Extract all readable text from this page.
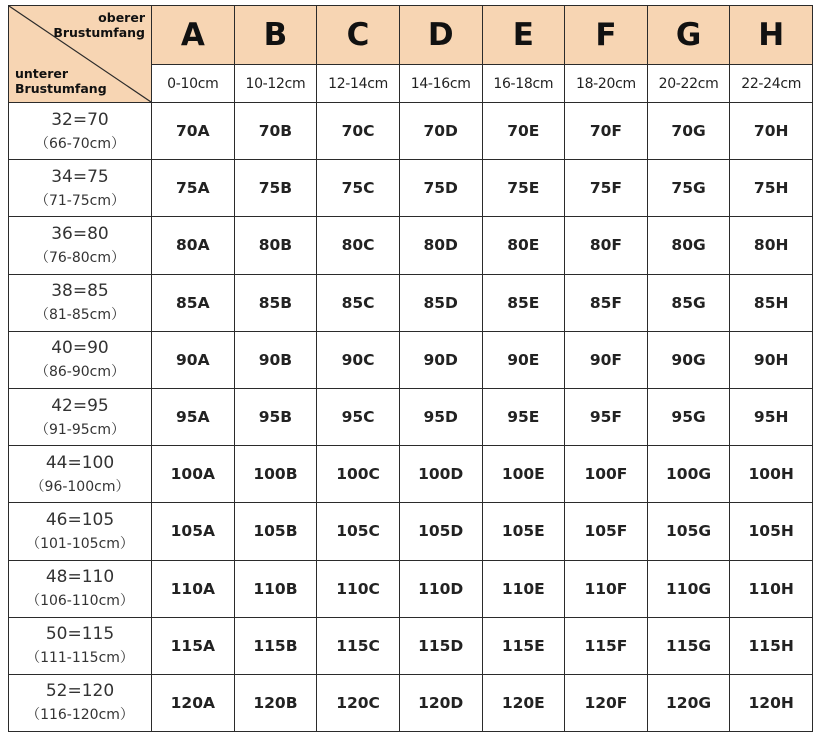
oberer
Brustumfang
unterer
Brustumfang	A	B	C	D	E	F	G	H
	0-10cm	10-12cm	12-14cm	14-16cm	16-18cm	18-20cm	20-22cm	22-24cm

32=70
（66-70cm）	70A	70B	70C	70D	70E	70F	70G	70H

34=75
（71-75cm）	75A	75B	75C	75D	75E	75F	75G	75H

36=80
（76-80cm）	80A	80B	80C	80D	80E	80F	80G	80H

38=85
（81-85cm）	85A	85B	85C	85D	85E	85F	85G	85H

40=90
（86-90cm）	90A	90B	90C	90D	90E	90F	90G	90H

42=95
（91-95cm）	95A	95B	95C	95D	95E	95F	95G	95H

44=100
（96-100cm）	100A	100B	100C	100D	100E	100F	100G	100H

46=105
（101-105cm）	105A	105B	105C	105D	105E	105F	105G	105H

48=110
（106-110cm）	110A	110B	110C	110D	110E	110F	110G	110H

50=115
（111-115cm）	115A	115B	115C	115D	115E	115F	115G	115H

52=120
（116-120cm）	120A	120B	120C	120D	120E	120F	120G	120H
